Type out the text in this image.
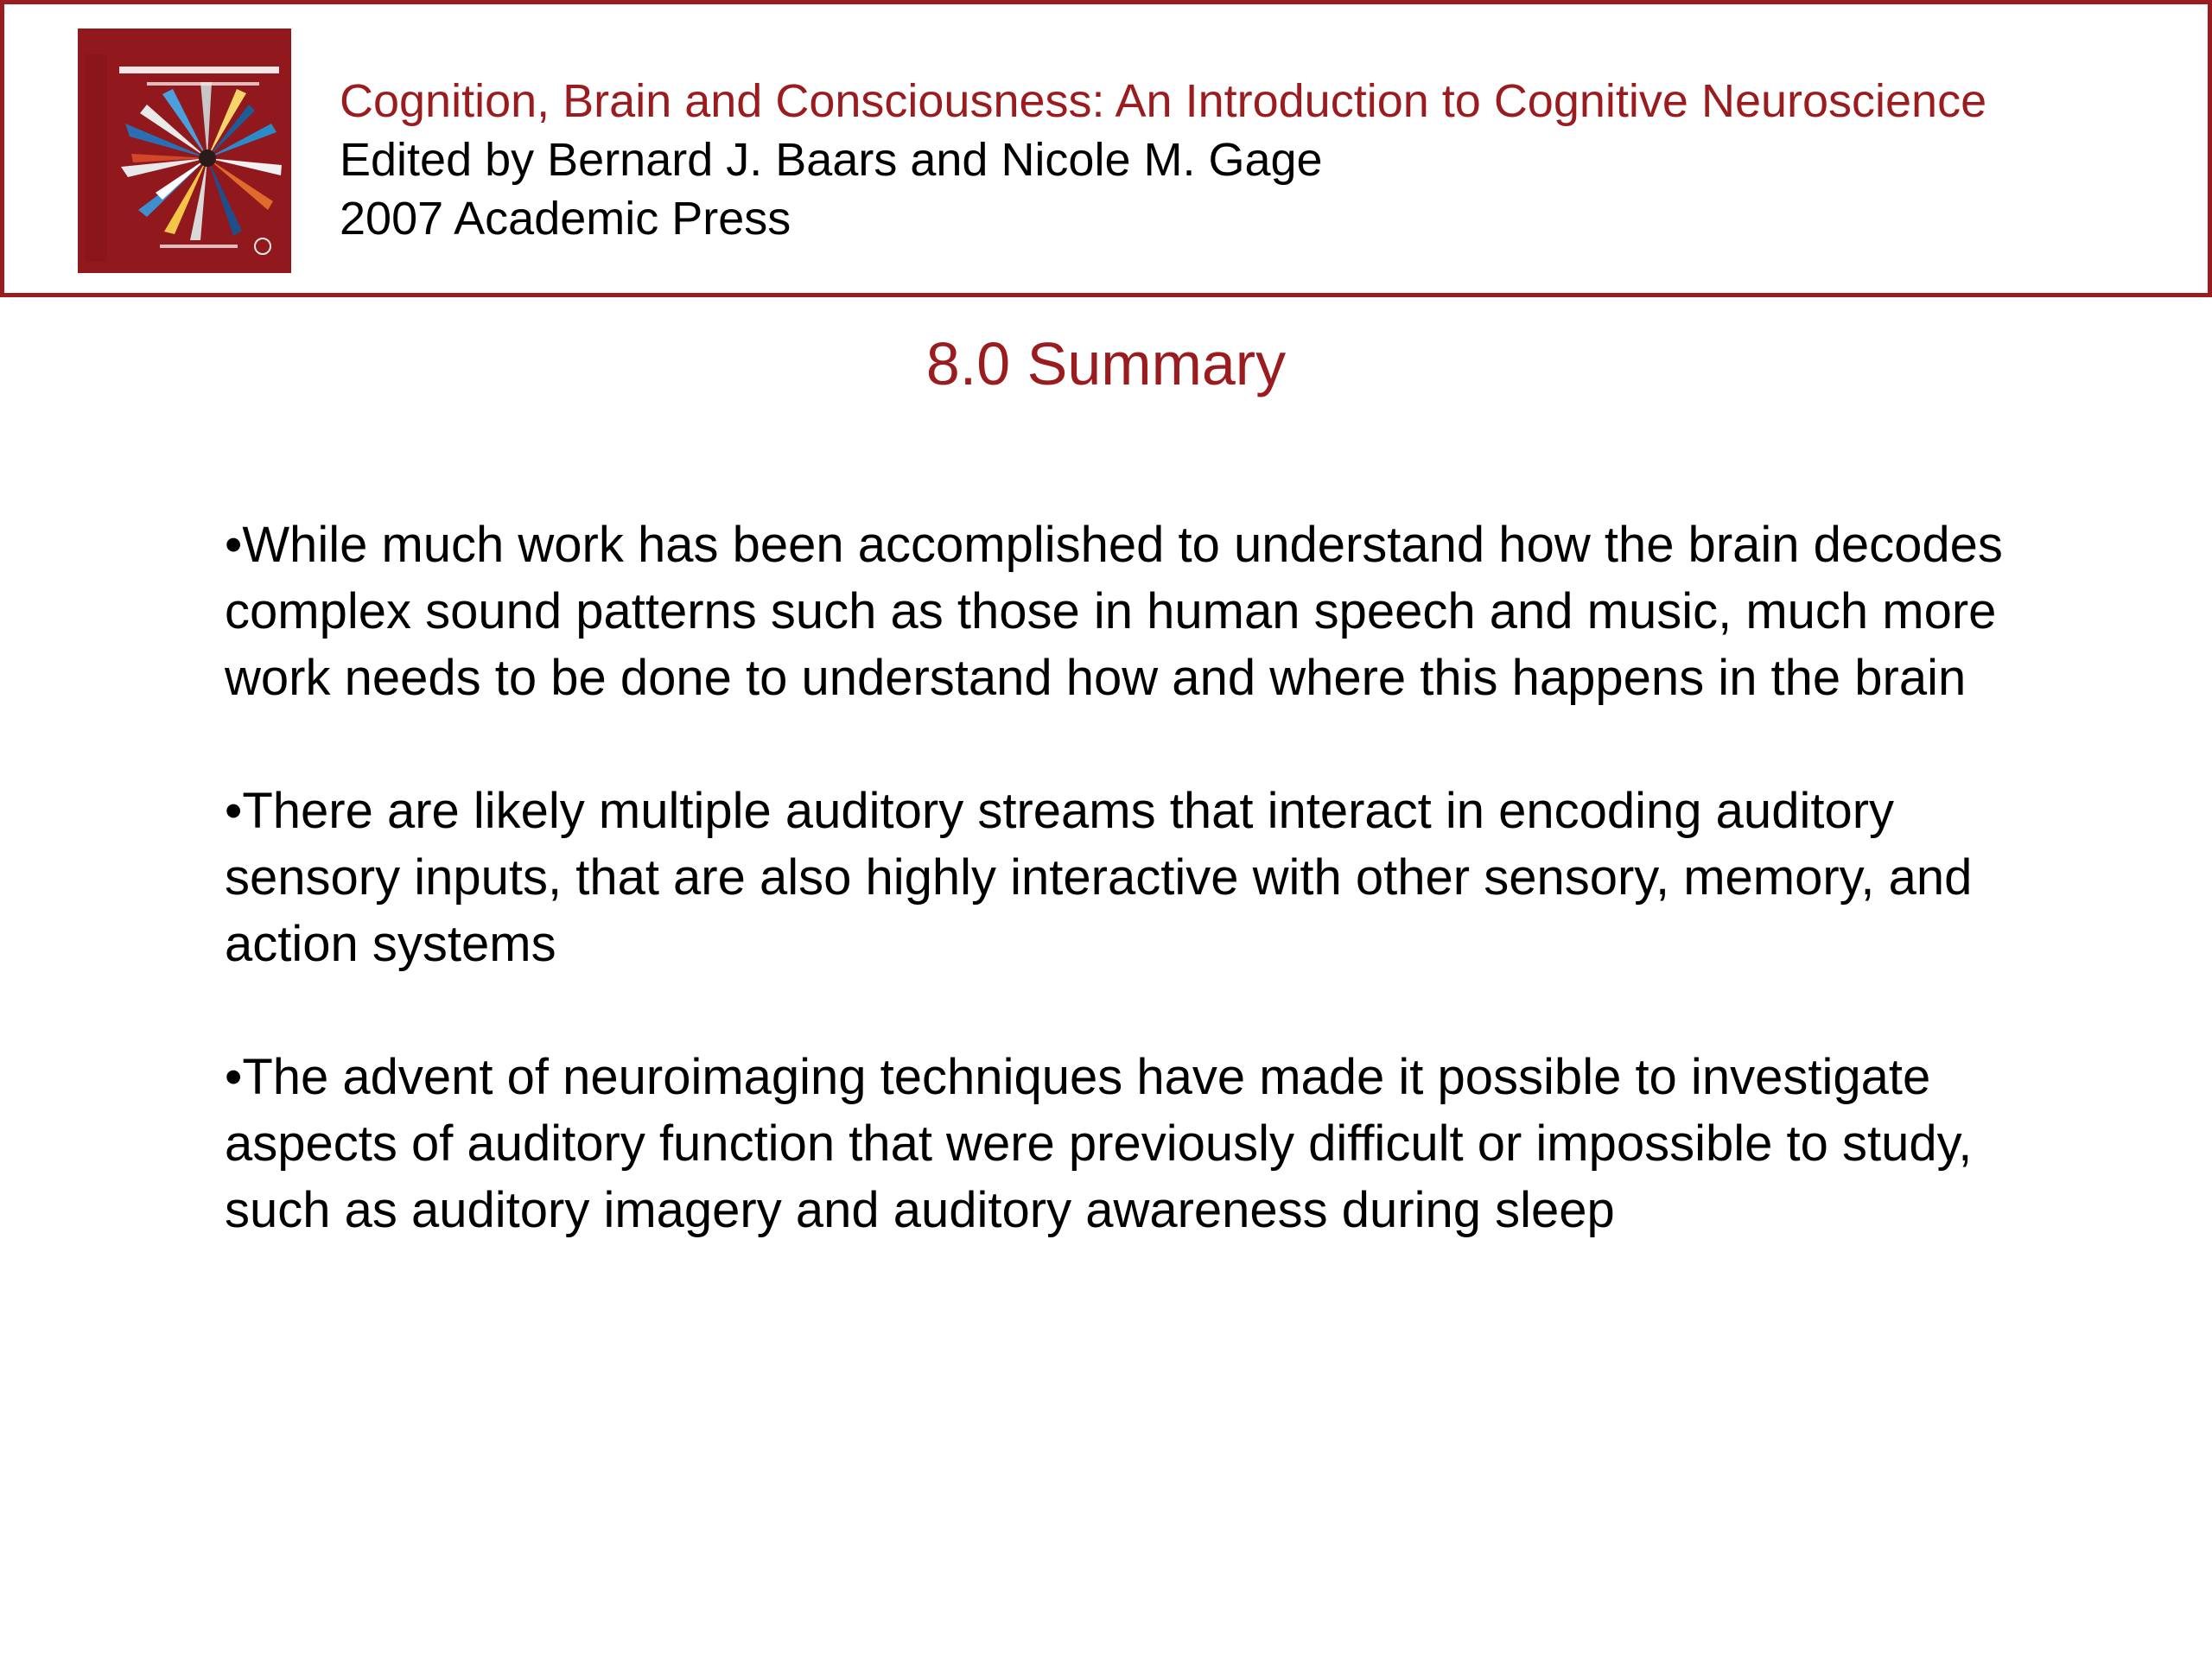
Cognition, Brain and Consciousness: An Introduction to Cognitive Neuroscience
Edited by Bernard J. Baars and Nicole M. Gage
2007 Academic Press
8.0 Summary
•While much work has been accomplished to understand how the brain decodes complex sound patterns such as those in human speech and music, much more work needs to be done to understand how and where this happens in the brain
•There are likely multiple auditory streams that interact in encoding auditory sensory inputs, that are also highly interactive with other sensory, memory, and action systems
•The advent of neuroimaging techniques have made it possible to investigate aspects of auditory function that were previously difficult or impossible to study, such as auditory imagery and auditory awareness during sleep
